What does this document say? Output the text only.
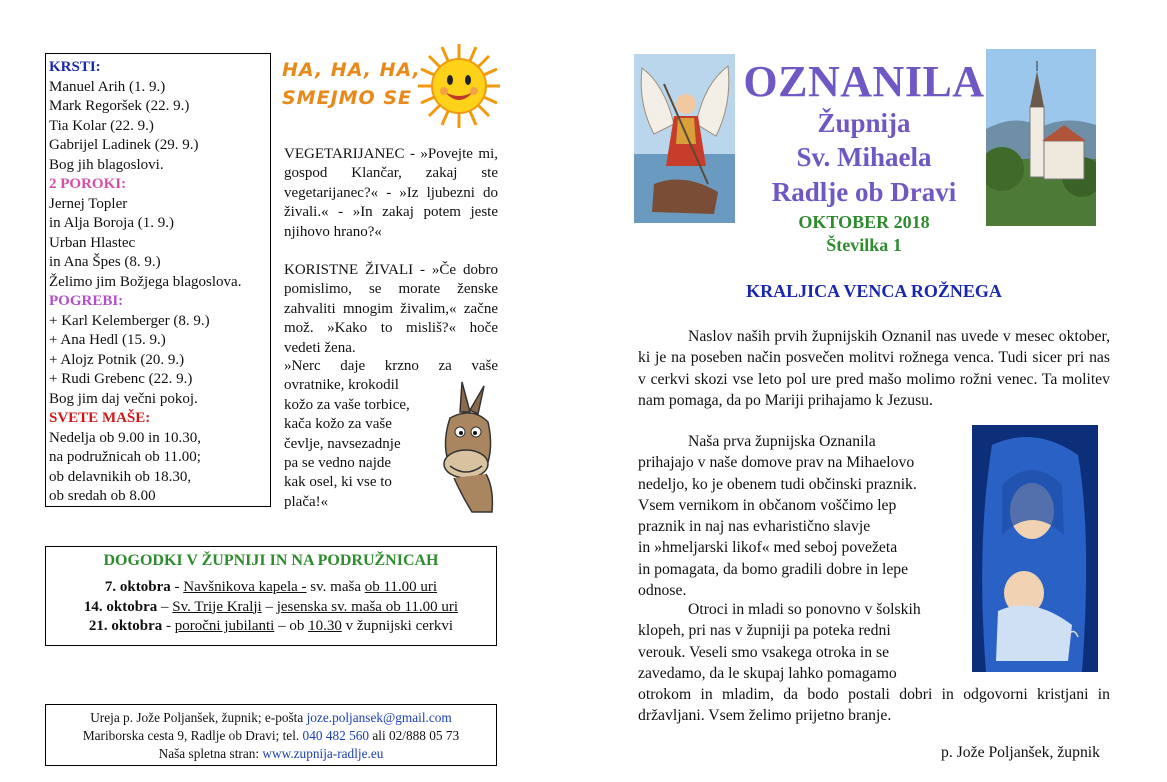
KRSTI:
Manuel Arih (1. 9.)
Mark Regoršek (22. 9.)
Tia Kolar (22. 9.)
Gabrijel Ladinek (29. 9.)
Bog jih blagoslovi.
2 POROKI:
Jernej Topler
in Alja Boroja (1. 9.)
Urban Hlastec
in Ana Špes (8. 9.)
Želimo jim Božjega blagoslova.
POGREBI:
+ Karl Kelemberger (8. 9.)
+ Ana Hedl (15. 9.)
+ Alojz Potnik (20. 9.)
+ Rudi Grebenc (22. 9.)
Bog jim daj večni pokoj.
SVETE MAŠE:
Nedelja ob 9.00 in 10.30,
na podružnicah ob 11.00;
ob delavnikih ob 18.30,
ob sredah ob 8.00
HA, HA, HA,
SMEJMO SE
VEGETARIJANEC - »Povejte mi, gospod Klančar, zakaj ste vegetarijanec?« - »Iz ljubezni do živali.« - »In zakaj potem jeste njihovo hrano?«
KORISTNE ŽIVALI - »Če dobro pomislimo, se morate ženske zahvaliti mnogim živalim,« začne mož. »Kako to misliš?« hoče vedeti žena.
»Nerc daje krzno za vaše
ovratnike, krokodil
kožo za vaše torbice,
kača kožo za vaše
čevlje, navsezadnje
pa se vedno najde
kak osel, ki vse to
plača!«
DOGODKI V ŽUPNIJI IN NA PODRUŽNICAH
7. oktobra - Navšnikova kapela - sv. maša ob 11.00 uri
14. oktobra – Sv. Trije Kralji – jesenska sv. maša ob 11.00 uri
21. oktobra - poročni jubilanti – ob 10.30 v župnijski cerkvi
Ureja p. Jože Poljanšek, župnik; e-pošta joze.poljansek@gmail.com
Mariborska cesta 9, Radlje ob Dravi; tel. 040 482 560 ali 02/888 05 73
Naša spletna stran: www.zupnija-radlje.eu
OZNANILA
Župnija
Sv. Mihaela
Radlje ob Dravi
OKTOBER 2018
Številka 1
KRALJICA VENCA ROŽNEGA
Naslov naših prvih župnijskih Oznanil nas uvede v mesec oktober, ki je na poseben način posvečen molitvi rožnega venca. Tudi sicer pri nas v cerkvi skozi vse leto pol ure pred mašo molimo rožni venec. Ta molitev nam pomaga, da po Mariji prihajamo k Jezusu.
Naša prva župnijska Oznanila
prihajajo v naše domove prav na Mihaelovo
nedeljo, ko je obenem tudi občinski praznik.
Vsem vernikom in občanom voščimo lep
praznik in naj nas evharistično slavje
in »hmeljarski likof« med seboj povežeta
in pomagata, da bomo gradili dobre in lepe
odnose.
Otroci in mladi so ponovno v šolskih
klopeh, pri nas v župniji pa poteka redni
verouk. Veseli smo vsakega otroka in se
zavedamo, da le skupaj lahko pomagamo
otrokom in mladim, da bodo postali dobri in odgovorni kristjani in državljani. Vsem želimo prijetno branje.
p. Jože Poljanšek, župnik
